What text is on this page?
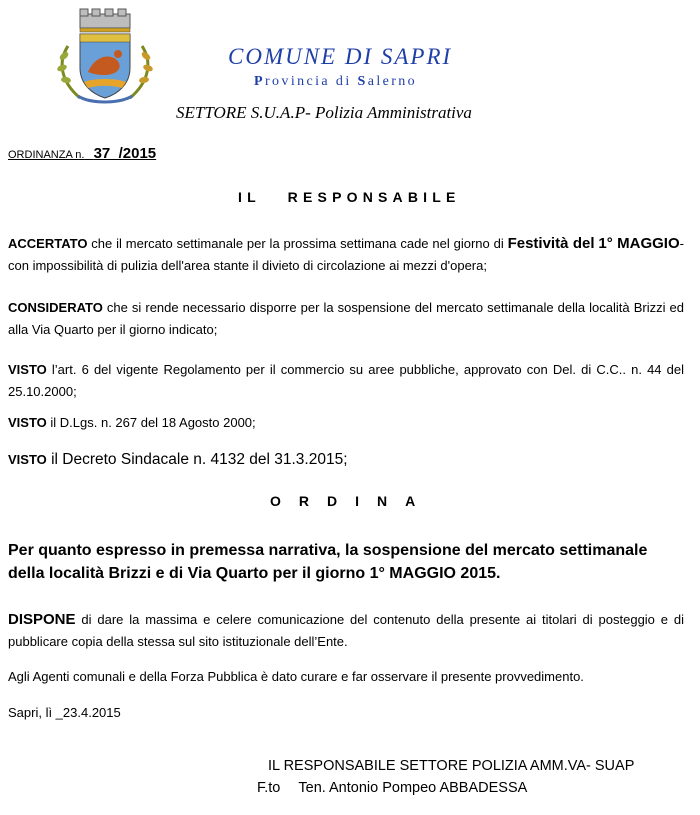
COMUNE DI SAPRI
Provincia di Salerno
SETTORE S.U.A.P- Polizia Amministrativa
ORDINANZA n. 37_/2015
IL RESPONSABILE
ACCERTATO che il mercato settimanale per la prossima settimana cade nel giorno di Festività del 1° MAGGIO- con impossibilità di pulizia dell'area stante il divieto di circolazione ai mezzi d'opera;
CONSIDERATO che si rende necessario disporre per la sospensione del mercato settimanale della località Brizzi ed alla Via Quarto per il giorno indicato;
VISTO l’art. 6 del vigente Regolamento per il commercio su aree pubbliche, approvato con Del. di C.C.. n. 44 del 25.10.2000;
VISTO il D.Lgs. n. 267 del 18 Agosto 2000;
VISTO il Decreto Sindacale n. 4132 del 31.3.2015;
ORDINA
Per quanto espresso in premessa narrativa, la sospensione del mercato settimanale della località Brizzi e di Via Quarto per il giorno 1° MAGGIO 2015.
DISPONE di dare la massima e celere comunicazione del contenuto della presente ai titolari di posteggio e di pubblicare copia della stessa sul sito istituzionale dell’Ente.
Agli Agenti comunali e della Forza Pubblica è dato curare e far osservare il presente provvedimento.
Sapri, lì _23.4.2015
IL RESPONSABILE SETTORE POLIZIA AMM.VA- SUAP
F.to Ten. Antonio Pompeo ABBADESSA
